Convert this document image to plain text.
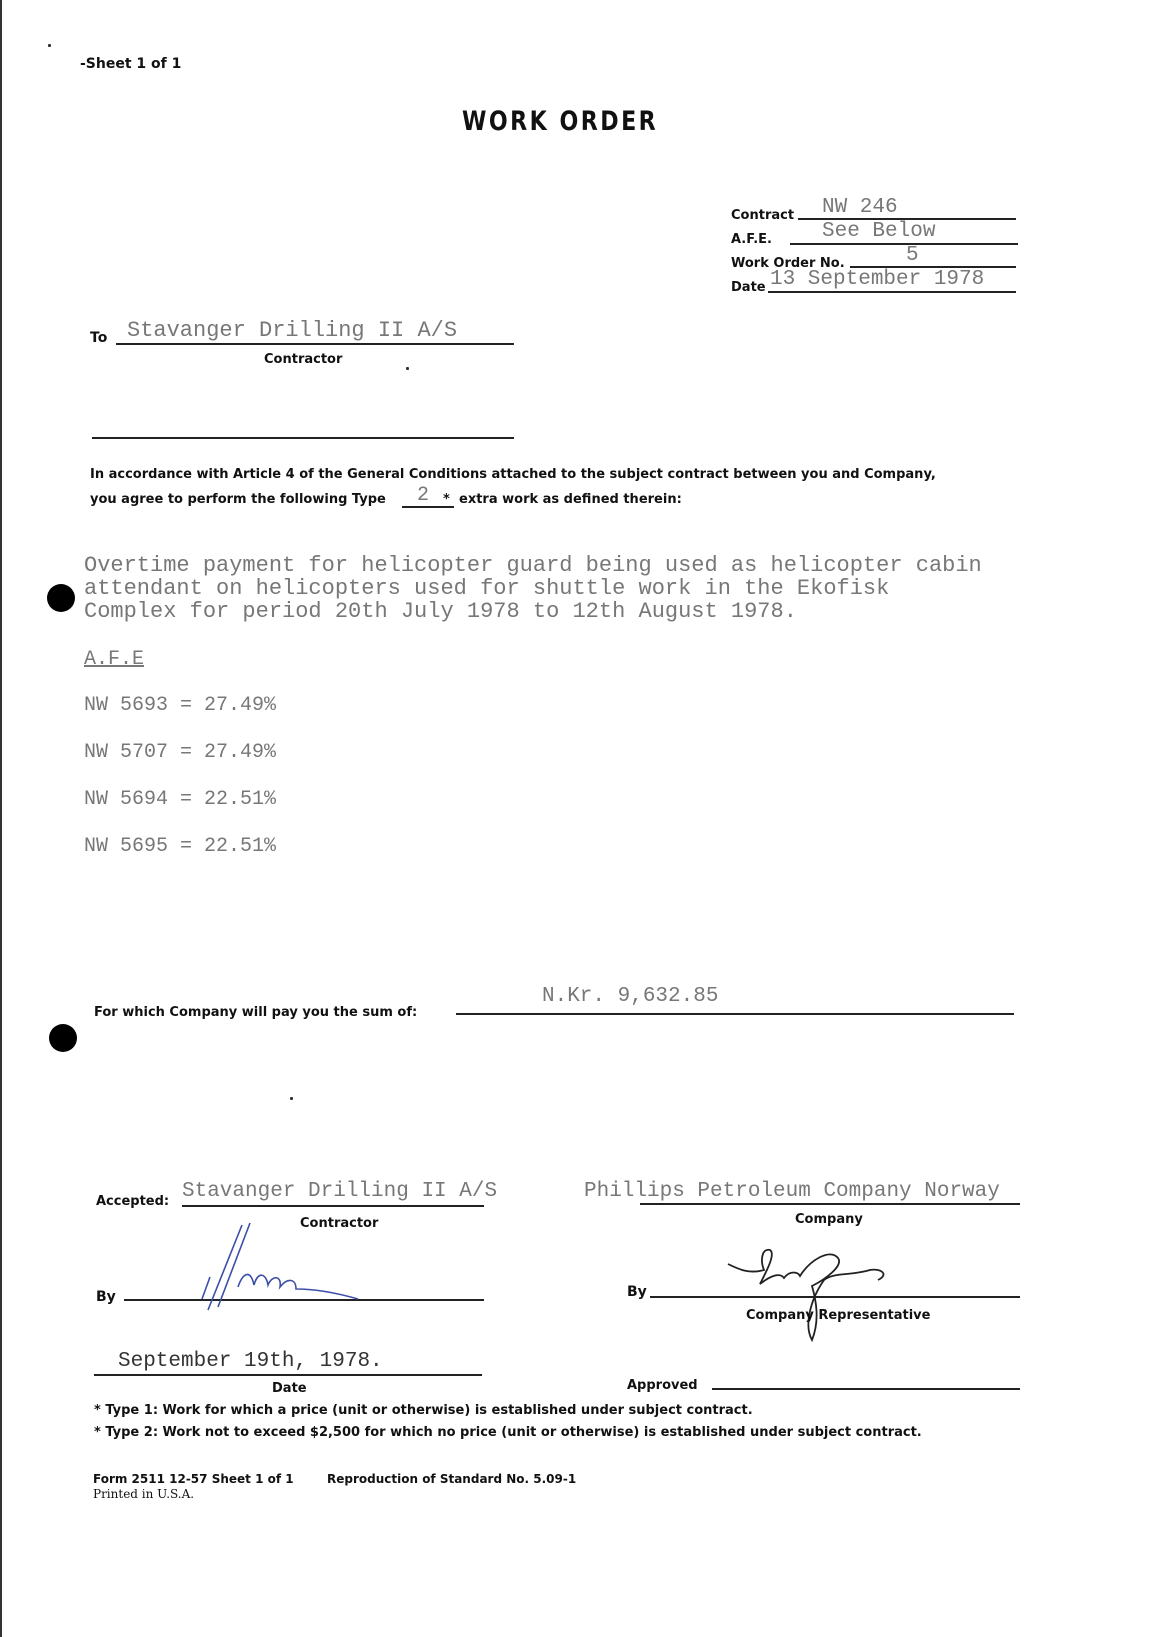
-Sheet 1 of 1
WORK ORDER
Contract NW 246
A.F.E. See Below
Work Order No.	5
Date 13 September 1978
To Stavanger Drilling II A/S
Contractor
In accordance with Article 4 of the General Conditions attached to the subject contract between you and Company,
you agree to perform the following Type 2 * extra work as defined therein:
Overtime payment for helicopter guard being used as helicopter cabin
attendant on helicopters used for shuttle work in the Ekofisk
Complex for period 20th July 1978 to 12th August 1978.
A.F.E
NW 5693 = 27.49%
NW 5707 = 27.49%
NW 5694 = 22.51%
NW 5695 = 22.51%
For which Company will pay you the sum of:
N.Kr. 9,632.85
Accepted: Stavanger Drilling II A/S
Contractor
Phillips Petroleum Company Norway
Company
By	By
Company Representative
September 19th, 1978.
Date	Approved
* Type 1: Work for which a price (unit or otherwise) is established under subject contract.
* Type 2: Work not to exceed $2,500 for which no price (unit or otherwise) is established under subject contract.
Form 2511 12-57 Sheet 1 of 1	Reproduction of Standard No. 5.09-1
Printed in U.S.A.
